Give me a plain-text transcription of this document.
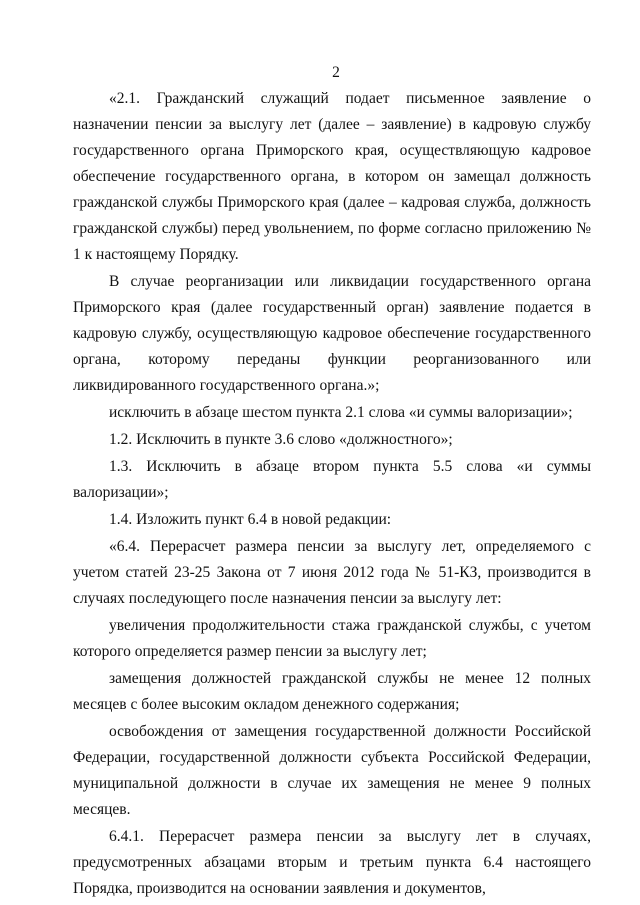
2

«2.1. Гражданский служащий подает письменное заявление о назначении пенсии за выслугу лет (далее – заявление) в кадровую службу государственного органа Приморского края, осуществляющую кадровое обеспечение государственного органа, в котором он замещал должность гражданской службы Приморского края (далее – кадровая служба, должность гражданской службы) перед увольнением, по форме согласно приложению № 1 к настоящему Порядку.

В случае реорганизации или ликвидации государственного органа Приморского края (далее государственный орган) заявление подается в кадровую службу, осуществляющую кадровое обеспечение государственного органа, которому переданы функции реорганизованного или ликвидированного государственного органа.»;

исключить в абзаце шестом пункта 2.1 слова «и суммы валоризации»;

1.2. Исключить в пункте 3.6 слово «должностного»;

1.3. Исключить в абзаце втором пункта 5.5 слова «и суммы валоризации»;

1.4. Изложить пункт 6.4 в новой редакции:

«6.4. Перерасчет размера пенсии за выслугу лет, определяемого с учетом статей 23-25 Закона от 7 июня 2012 года № 51-КЗ, производится в случаях последующего после назначения пенсии за выслугу лет:

увеличения продолжительности стажа гражданской службы, с учетом которого определяется размер пенсии за выслугу лет;

замещения должностей гражданской службы не менее 12 полных месяцев с более высоким окладом денежного содержания;

освобождения от замещения государственной должности Российской Федерации, государственной должности субъекта Российской Федерации, муниципальной должности в случае их замещения не менее 9 полных месяцев.

6.4.1. Перерасчет размера пенсии за выслугу лет в случаях, предусмотренных абзацами вторым и третьим пункта 6.4 настоящего Порядка, производится на основании заявления и документов,
